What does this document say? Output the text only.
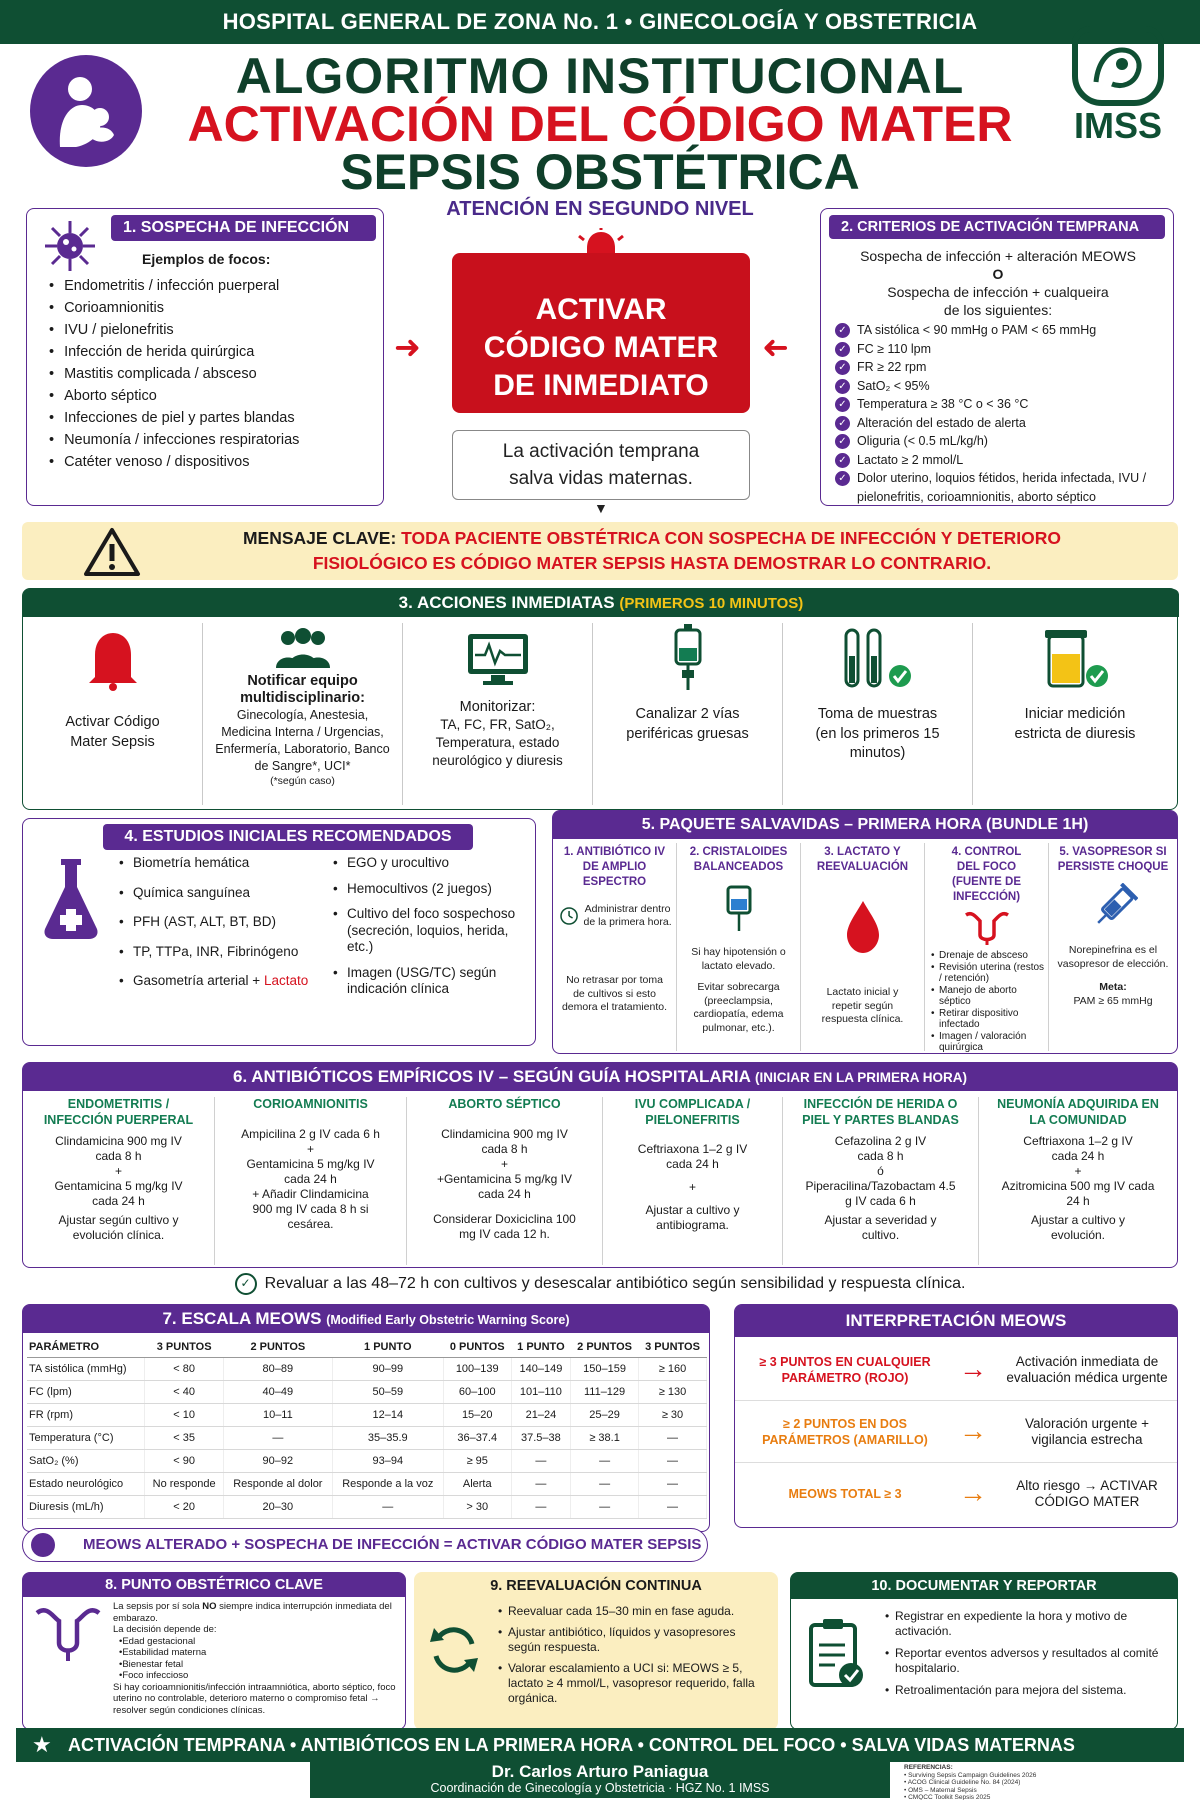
HOSPITAL GENERAL DE ZONA No. 1 • GINECOLOGÍA Y OBSTETRICIA
IMSS
ALGORITMO INSTITUCIONAL
ACTIVACIÓN DEL CÓDIGO MATER
SEPSIS OBSTÉTRICA
ATENCIÓN EN SEGUNDO NIVEL
1. SOSPECHA DE INFECCIÓN
Ejemplos de focos:
• Endometritis / infección puerperal
• Corioamnionitis
• IVU / pielonefritis
• Infección de herida quirúrgica
• Mastitis complicada / absceso
• Aborto séptico
• Infecciones de piel y partes blandas
• Neumonía / infecciones respiratorias
• Catéter venoso / dispositivos
ACTIVAR
CÓDIGO MATER
DE INMEDIATO
➜	➜
La activación temprana
salva vidas maternas.
▼
2. CRITERIOS DE ACTIVACIÓN TEMPRANA
Sospecha de infección + alteración MEOWS
O
Sospecha de infección + cualqueira
de los siguientes:
✓ TA sistólica < 90 mmHg o PAM < 65 mmHg
✓ FC ≥ 110 lpm
✓ FR ≥ 22 rpm
✓ SatO₂ < 95%
✓ Temperatura ≥ 38 °C o < 36 °C
✓ Alteración del estado de alerta
✓ Oliguria (< 0.5 mL/kg/h)
✓ Lactato ≥ 2 mmol/L
✓ Dolor uterino, loquios fétidos, herida infectada, IVU / pielonefritis, corioamnionitis, aborto séptico
MENSAJE CLAVE: TODA PACIENTE OBSTÉTRICA CON SOSPECHA DE INFECCIÓN Y DETERIORO
FISIOLÓGICO ES CÓDIGO MATER SEPSIS HASTA DEMOSTRAR LO CONTRARIO.
3. ACCIONES INMEDIATAS (PRIMEROS 10 MINUTOS)
Activar Código Mater Sepsis
Notificar equipo multidisciplinario:
Ginecología, Anestesia, Medicina Interna / Urgencias, Enfermería, Laboratorio, Banco de Sangre*, UCI*
(*según caso)
Monitorizar:
TA, FC, FR, SatO₂, Temperatura, estado neurológico y diuresis
Canalizar 2 vías periféricas gruesas
Toma de muestras (en los primeros 15 minutos)
Iniciar medición estricta de diuresis
4. ESTUDIOS INICIALES RECOMENDADOS
• Biometría hemática
• Química sanguínea
• PFH (AST, ALT, BT, BD)
• TP, TTPa, INR, Fibrinógeno
• Gasometría arterial + Lactato
• EGO y urocultivo
• Hemocultivos (2 juegos)
• Cultivo del foco sospechoso (secreción, loquios, herida, etc.)
• Imagen (USG/TC) según indicación clínica
5. PAQUETE SALVAVIDAS – PRIMERA HORA (BUNDLE 1H)
1. ANTIBIÓTICO IV DE AMPLIO ESPECTRO
Administrar dentro de la primera hora.
No retrasar por toma de cultivos si esto demora el tratamiento.
2. CRISTALOIDES BALANCEADOS
Si hay hipotensión o lactato elevado.
Evitar sobrecarga (preeclampsia, cardiopatía, edema pulmonar, etc.).
3. LACTATO Y REEVALUACIÓN
Lactato inicial y repetir según respuesta clínica.
4. CONTROL DEL FOCO (FUENTE DE INFECCIÓN)
• Drenaje de absceso
• Revisión uterina (restos / retención)
• Manejo de aborto séptico
• Retirar dispositivo infectado
• Imagen / valoración quirúrgica
5. VASOPRESOR SI PERSISTE CHOQUE
Norepinefrina es el vasopresor de elección.
Meta:
PAM ≥ 65 mmHg
6. ANTIBIÓTICOS EMPÍRICOS IV – SEGÚN GUÍA HOSPITALARIA (INICIAR EN LA PRIMERA HORA)
ENDOMETRITIS / INFECCIÓN PUERPERAL
Clindamicina 900 mg IV cada 8 h
+
Gentamicina 5 mg/kg IV cada 24 h
Ajustar según cultivo y evolución clínica.
CORIOAMNIONITIS
Ampicilina 2 g IV cada 6 h
+
Gentamicina 5 mg/kg IV cada 24 h
+ Añadir Clindamicina 900 mg IV cada 8 h si cesárea.
ABORTO SÉPTICO
Clindamicina 900 mg IV cada 8 h
+
+Gentamicina 5 mg/kg IV cada 24 h
Considerar Doxiciclina 100 mg IV cada 12 h.
IVU COMPLICADA / PIELONEFRITIS
Ceftriaxona 1–2 g IV cada 24 h
+
Ajustar a cultivo y antibiograma.
INFECCIÓN DE HERIDA O PIEL Y PARTES BLANDAS
Cefazolina 2 g IV cada 8 h
ó
Piperacilina/Tazobactam 4.5 g IV cada 6 h
Ajustar a severidad y cultivo.
NEUMONÍA ADQUIRIDA EN LA COMUNIDAD
Ceftriaxona 1–2 g IV cada 24 h
+
Azitromicina 500 mg IV cada 24 h
Ajustar a cultivo y evolución.
✓ Revaluar a las 48–72 h con cultivos y desescalar antibiótico según sensibilidad y respuesta clínica.
7. ESCALA MEOWS (Modified Early Obstetric Warning Score)
PARÁMETRO	3 PUNTOS	2 PUNTOS	1 PUNTO	0 PUNTOS	1 PUNTO	2 PUNTOS	3 PUNTOS
TA sistólica (mmHg)	< 80	80–89	90–99	100–139	140–149	150–159	≥ 160
FC (lpm)	< 40	40–49	50–59	60–100	101–110	111–129	≥ 130
FR (rpm)	< 10	10–11	12–14	15–20	21–24	25–29	≥ 30
Temperatura (°C)	< 35	—	35–35.9	36–37.4	37.5–38	≥ 38.1	—
SatO₂ (%)	< 90	90–92	93–94	≥ 95	—	—	—
Estado neurológico	No responde	Responde al dolor	Responde a la voz	Alerta	—	—	—
Diuresis (mL/h)	< 20	20–30	—	> 30	—	—	—
MEOWS ALTERADO + SOSPECHA DE INFECCIÓN = ACTIVAR CÓDIGO MATER SEPSIS
INTERPRETACIÓN MEOWS
≥ 3 PUNTOS EN CUALQUIER PARÁMETRO (ROJO)	→	Activación inmediata de evaluación médica urgente
≥ 2 PUNTOS EN DOS PARÁMETROS (AMARILLO)	→	Valoración urgente + vigilancia estrecha
MEOWS TOTAL ≥ 3	→	Alto riesgo → ACTIVAR CÓDIGO MATER
8. PUNTO OBSTÉTRICO CLAVE
La sepsis por sí sola NO siempre indica interrupción inmediata del embarazo.
La decisión depende de:
• Edad gestacional
• Estabilidad materna
• Bienestar fetal
• Foco infeccioso
Si hay corioamnionitis/infección intraamniótica, aborto séptico, foco uterino no controlable, deterioro materno o compromiso fetal → resolver según condiciones clínicas.
9. REEVALUACIÓN CONTINUA
• Reevaluar cada 15–30 min en fase aguda.
• Ajustar antibiótico, líquidos y vasopresores según respuesta.
• Valorar escalamiento a UCI si: MEOWS ≥ 5, lactato ≥ 4 mmol/L, vasopresor requerido, falla orgánica.
10. DOCUMENTAR Y REPORTAR
• Registrar en expediente la hora y motivo de activación.
• Reportar eventos adversos y resultados al comité hospitalario.
• Retroalimentación para mejora del sistema.
★ ACTIVACIÓN TEMPRANA • ANTIBIÓTICOS EN LA PRIMERA HORA • CONTROL DEL FOCO • SALVA VIDAS MATERNAS
Dr. Carlos Arturo Paniagua
Coordinación de Ginecología y Obstetricia · HGZ No. 1 IMSS
REFERENCIAS:
• Surviving Sepsis Campaign Guidelines 2026
• ACOG Clinical Guideline No. 84 (2024)
• OMS – Maternal Sepsis
• CMQCC Toolkit Sepsis 2025
